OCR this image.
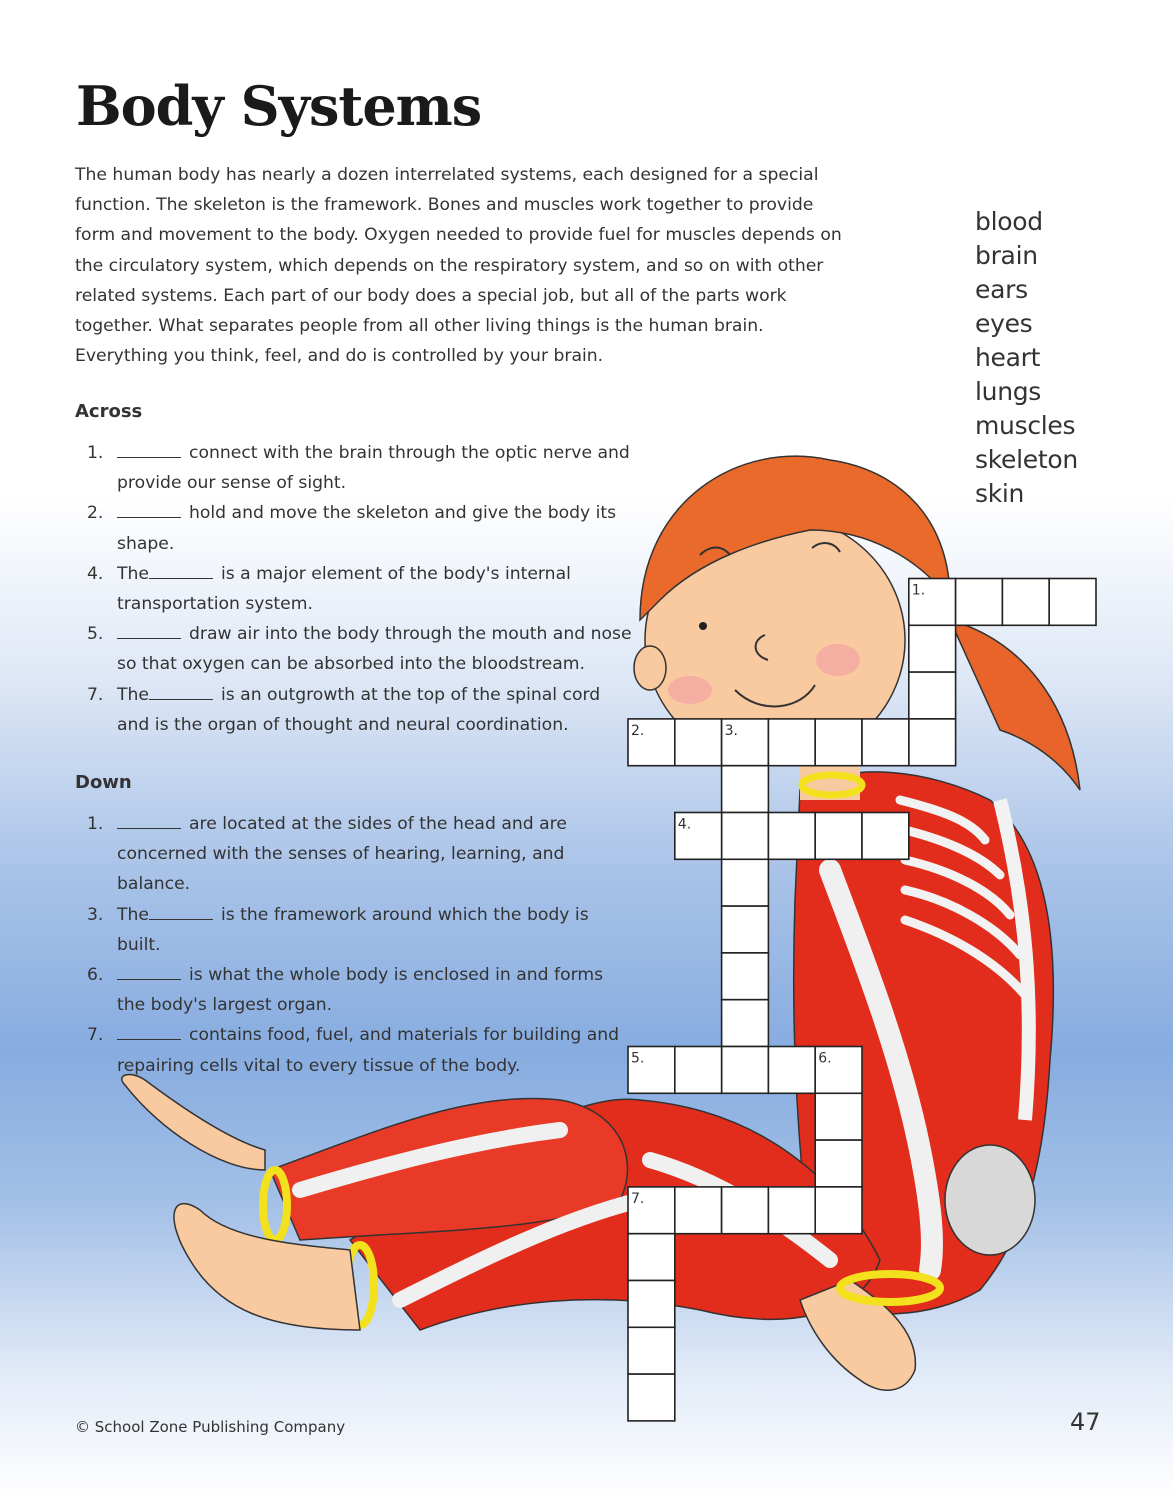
Body Systems

The human body has nearly a dozen interrelated systems, each designed for a special function. The skeleton is the framework. Bones and muscles work together to provide form and movement to the body. Oxygen needed to provide fuel for muscles depends on the circulatory system, which depends on the respiratory system, and so on with other related systems. Each part of our body does a special job, but all of the parts work together. What separates people from all other living things is the human brain. Everything you think, feel, and do is controlled by your brain.

blood
brain
ears
eyes
heart
lungs
muscles
skeleton
skin
Across
1.	connect with the brain through the optic nerve and provide our sense of sight.
2.	hold and move the skeleton and give the body its shape.
4. The	is a major element of the body's internal transportation system.
5.	draw air into the body through the mouth and nose so that oxygen can be absorbed into the bloodstream.
7. The	is an outgrowth at the top of the spinal cord and is the organ of thought and neural coordination.
Down
1.	are located at the sides of the head and are concerned with the senses of hearing, learning, and balance.
3. The	is the framework around which the body is built.
6.	is what the whole body is enclosed in and forms the body's largest organ.
7.	contains food, fuel, and materials for building and repairing cells vital to every tissue of the body.
1.
2.	3.
4.
5.	6.
7.

© School Zone Publishing Company	47
